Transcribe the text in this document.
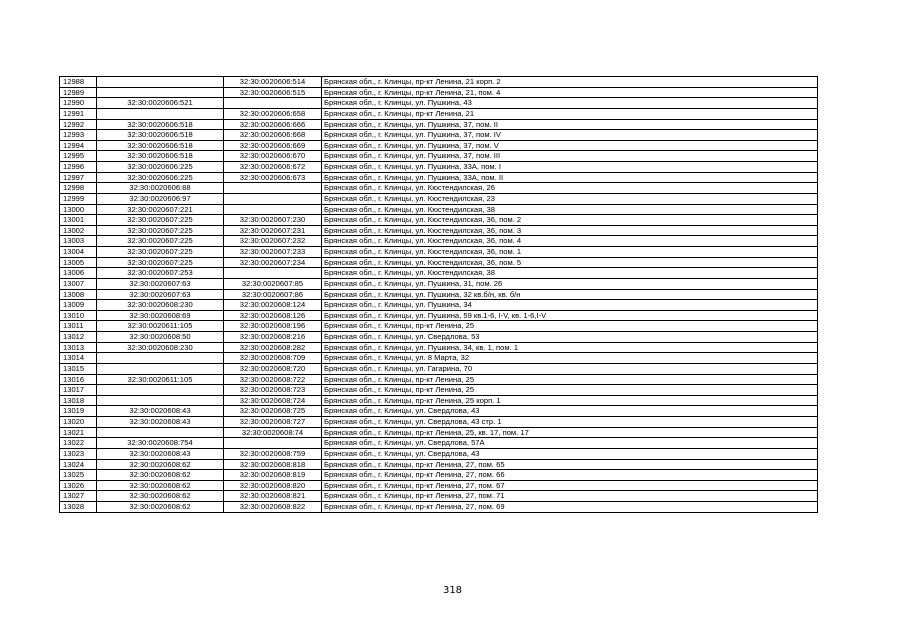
12988		32:30:0020606:514	Брянская обл., г. Клинцы, пр-кт Ленина, 21 корп. 2
12989		32:30:0020606:515	Брянская обл., г. Клинцы, пр-кт Ленина, 21, пом. 4
12990	32:30:0020606:521		Брянская обл., г. Клинцы, ул. Пушкина, 43
12991		32:30:0020606:658	Брянская обл., г. Клинцы, пр-кт Ленина, 21
12992	32:30:0020606:518	32:30:0020606:666	Брянская обл., г. Клинцы, ул. Пушкина, 37, пом. II
12993	32:30:0020606:518	32:30:0020606:668	Брянская обл., г. Клинцы, ул. Пушкина, 37, пом. IV
12994	32:30:0020606:518	32:30:0020606:669	Брянская обл., г. Клинцы, ул. Пушкина, 37, пом. V
12995	32:30:0020606:518	32:30:0020606:670	Брянская обл., г. Клинцы, ул. Пушкина, 37, пом. III
12996	32:30:0020606:225	32:30:0020606:672	Брянская обл., г. Клинцы, ул. Пушкина, 33А, пом. I
12997	32:30:0020606:225	32:30:0020606:673	Брянская обл., г. Клинцы, ул. Пушкина, 33А, пом. II
12998	32:30:0020606:88		Брянская обл., г. Клинцы, ул. Кюстендилская, 26
12999	32:30:0020606:97		Брянская обл., г. Клинцы, ул. Кюстендилская, 23
13000	32:30:0020607:221		Брянская обл., г. Клинцы, ул. Кюстендилская, 38
13001	32:30:0020607:225	32:30:0020607:230	Брянская обл., г. Клинцы, ул. Кюстендилская, 36, пом. 2
13002	32:30:0020607:225	32:30:0020607:231	Брянская обл., г. Клинцы, ул. Кюстендилская, 36, пом. 3
13003	32:30:0020607:225	32:30:0020607:232	Брянская обл., г. Клинцы, ул. Кюстендилская, 36, пом. 4
13004	32:30:0020607:225	32:30:0020607:233	Брянская обл., г. Клинцы, ул. Кюстендилская, 36, пом. 1
13005	32:30:0020607:225	32:30:0020607:234	Брянская обл., г. Клинцы, ул. Кюстендилская, 36, пом. 5
13006	32:30:0020607:253		Брянская обл., г. Клинцы, ул. Кюстендилская, 38
13007	32:30:0020607:63	32:30:0020607:85	Брянская обл., г. Клинцы, ул. Пушкина, 31, пом. 26
13008	32:30:0020607:63	32:30:0020607:86	Брянская обл., г. Клинцы, ул. Пушкина, 32 кв.б/н, кв. б/н
13009	32:30:0020608:230	32:30:0020608:124	Брянская обл., г. Клинцы, ул. Пушкина, 34
13010	32:30:0020608:69	32:30:0020608:126	Брянская обл., г. Клинцы, ул. Пушкина, 59 кв.1-6, I-V, кв. 1-6,I-V
13011	32:30:0020611:105	32:30:0020608:196	Брянская обл., г. Клинцы, пр-кт Ленина, 25
13012	32:30:0020608:50	32:30:0020608:216	Брянская обл., г. Клинцы, ул. Свердлова, 53
13013	32:30:0020608:230	32:30:0020608:282	Брянская обл., г. Клинцы, ул. Пушкина, 34, кв. 1, пом. 1
13014		32:30:0020608:709	Брянская обл., г. Клинцы, ул. 8 Марта, 32
13015		32:30:0020608:720	Брянская обл., г. Клинцы, ул. Гагарина, 70
13016	32:30:0020611:105	32:30:0020608:722	Брянская обл., г. Клинцы, пр-кт Ленина, 25
13017		32:30:0020608:723	Брянская обл., г. Клинцы, пр-кт Ленина, 25
13018		32:30:0020608:724	Брянская обл., г. Клинцы, пр-кт Ленина, 25 корп. 1
13019	32:30:0020608:43	32:30:0020608:725	Брянская обл., г. Клинцы, ул. Свердлова, 43
13020	32:30:0020608:43	32:30:0020608:727	Брянская обл., г. Клинцы, ул. Свердлова, 43 стр. 1
13021		32:30:0020608:74	Брянская обл., г. Клинцы, пр-кт Ленина, 25, кв. 17, пом. 17
13022	32:30:0020608:754		Брянская обл., г. Клинцы, ул. Свердлова, 57А
13023	32:30:0020608:43	32:30:0020608:759	Брянская обл., г. Клинцы, ул. Свердлова, 43
13024	32:30:0020608:62	32:30:0020608:818	Брянская обл., г. Клинцы, пр-кт Ленина, 27, пом. 65
13025	32:30:0020608:62	32:30:0020608:819	Брянская обл., г. Клинцы, пр-кт Ленина, 27, пом. 66
13026	32:30:0020608:62	32:30:0020608:820	Брянская обл., г. Клинцы, пр-кт Ленина, 27, пом. 67
13027	32:30:0020608:62	32:30:0020608:821	Брянская обл., г. Клинцы, пр-кт Ленина, 27, пом. 71
13028	32:30:0020608:62	32:30:0020608:822	Брянская обл., г. Клинцы, пр-кт Ленина, 27, пом. 69
318
